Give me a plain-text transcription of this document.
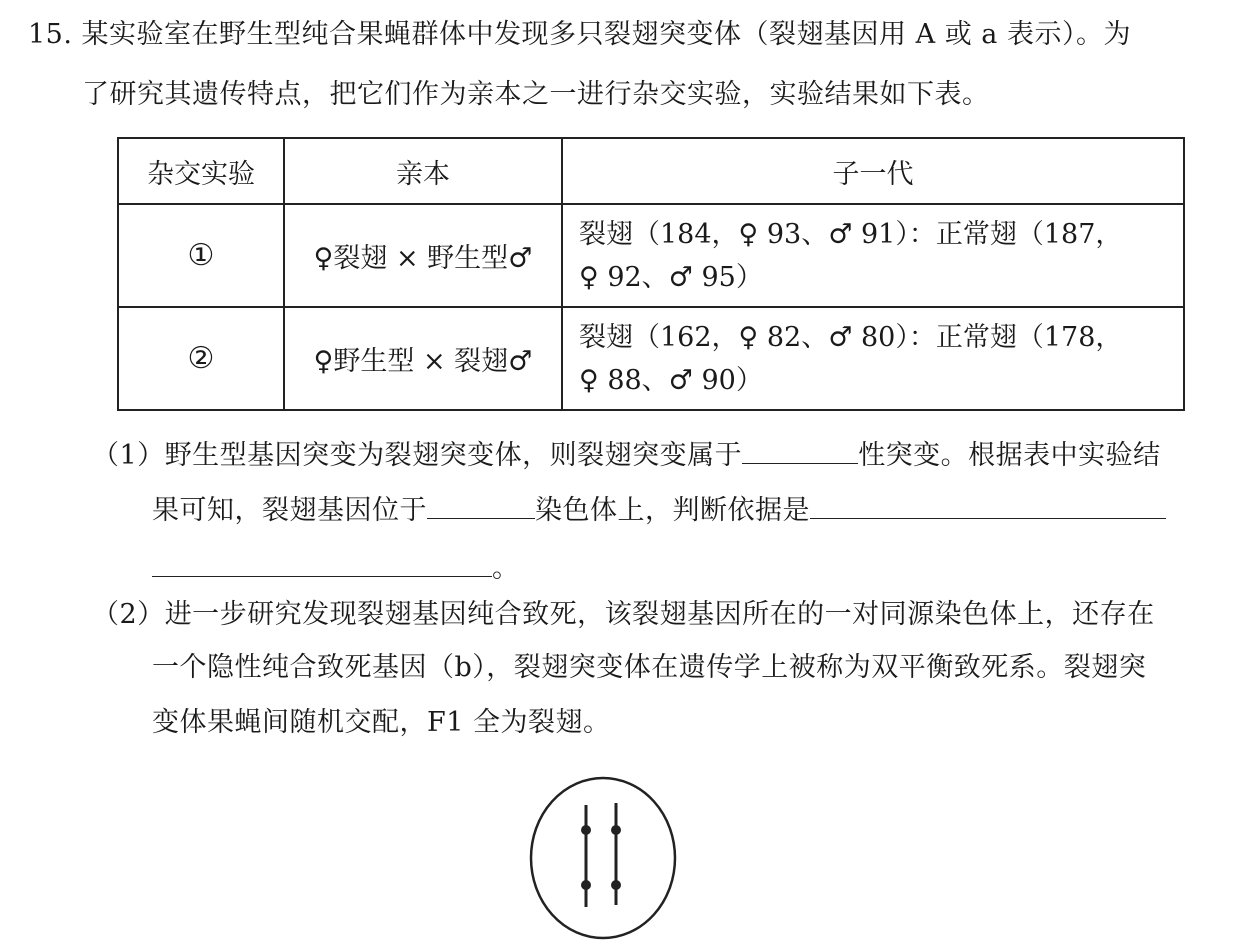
15. 某实验室在野生型纯合果蝇群体中发现多只裂翅突变体（裂翅基因用 A 或 a 表示）。为
了研究其遗传特点，把它们作为亲本之一进行杂交实验，实验结果如下表。
杂交实验	亲本	子一代
①	♀裂翅 × 野生型♂	裂翅（184，♀ 93、♂ 91）：正常翅（187，
♀ 92、♂ 95）

②	♀野生型 × 裂翅♂	裂翅（162，♀ 82、♂ 80）：正常翅（178，
♀ 88、♂ 90）
（1）野生型基因突变为裂翅突变体，则裂翅突变属于	性突变。根据表中实验结
果可知，裂翅基因位于	染色体上，判断依据是
。
（2）进一步研究发现裂翅基因纯合致死，该裂翅基因所在的一对同源染色体上，还存在
一个隐性纯合致死基因（b），裂翅突变体在遗传学上被称为双平衡致死系。裂翅突
变体果蝇间随机交配，F1 全为裂翅。
